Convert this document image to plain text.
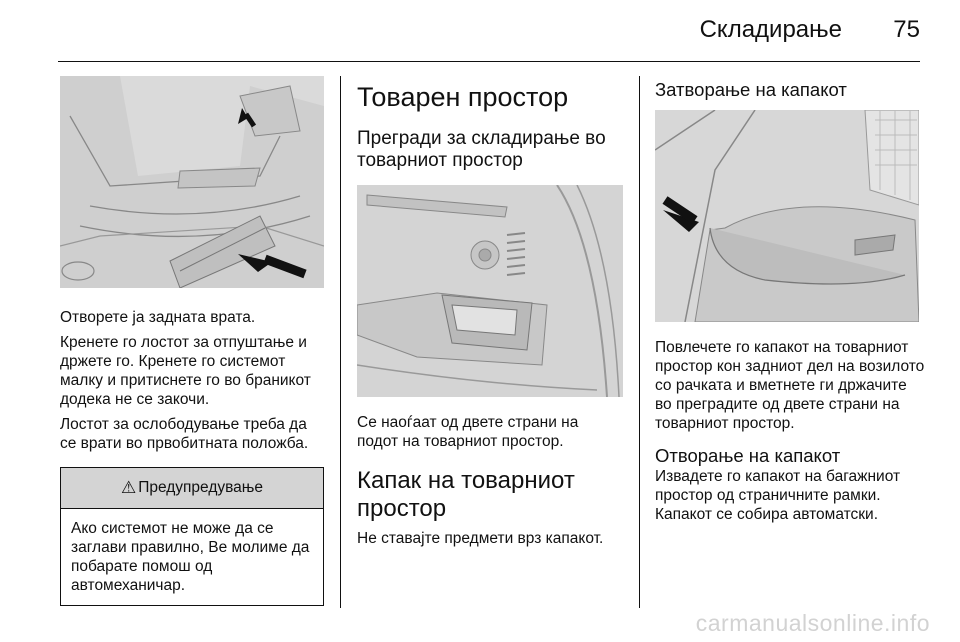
Складирање 75

Отворете ја задната врата.

Кренете го лостот за отпуштање и држете го. Кренете го системот малку и притиснете го во браникот додека не се закочи.

Лостот за ослободување треба да се врати во првобитната положба.

⚠ Предупредување

Ако системот не може да се заглави правилно, Ве молиме да побарате помош од автомеханичар.

Товарен простор
Прегради за складирање во товарниот простор

Се наоѓаат од двете страни на подот на товарниот простор.

Капак на товарниот простор

Не ставајте предмети врз капакот.

Затворање на капакот

Повлечете го капакот на товарниот простор кон задниот дел на возилото со рачката и вметнете ги држачите во преградите од двете страни на товарниот простор.

Отворање на капакот

Извадете го капакот на багажниот простор од страничните рамки. Капакот се собира автоматски.

carmanualsonline.info
